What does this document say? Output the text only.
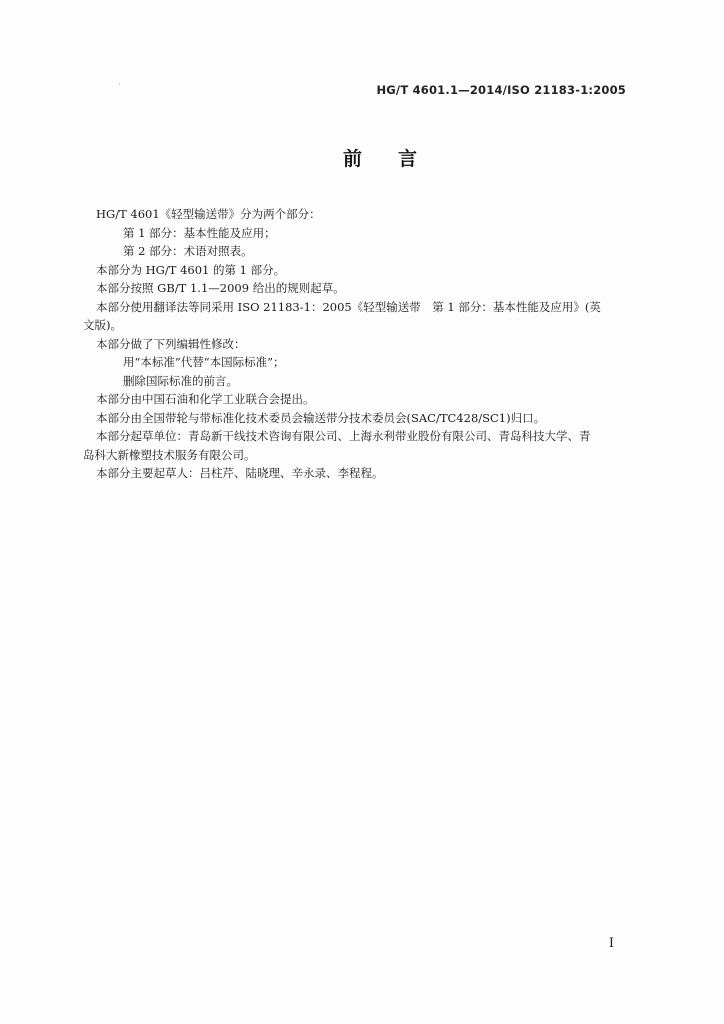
·	HG/T 4601.1—2014/ISO 21183-1:2005
前 言

HG/T 4601《轻型输送带》分为两个部分：

第 1 部分：基本性能及应用；

第 2 部分：术语对照表。

本部分为 HG/T 4601 的第 1 部分。

本部分按照 GB/T 1.1—2009 给出的规则起草。

本部分使用翻译法等同采用 ISO 21183-1：2005《轻型输送带　第 1 部分：基本性能及应用》(英

文版)。

本部分做了下列编辑性修改：

用“本标准”代替“本国际标准”；

删除国际标准的前言。

本部分由中国石油和化学工业联合会提出。

本部分由全国带轮与带标准化技术委员会输送带分技术委员会(SAC/TC428/SC1)归口。

本部分起草单位：青岛新干线技术咨询有限公司、上海永利带业股份有限公司、青岛科技大学、青

岛科大新橡塑技术服务有限公司。

本部分主要起草人：吕柱芹、陆晓理、辛永录、李程程。

I
